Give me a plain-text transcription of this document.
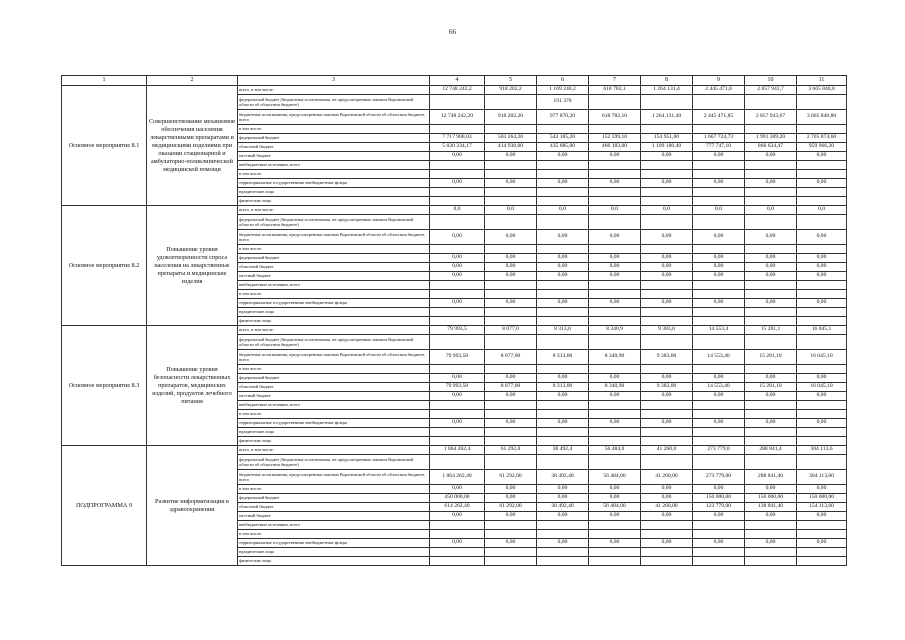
66
1	2	3	4	5	6	7	8	9	10	11
Основное мероприятие 8.1	Совершенствование механизмов обеспечения населения лекарственными препаратами и медицинскими изделиями при оказании стационарной и амбулаторно-поликлинической медицинской помощи	всего, в том числе:	12 748 242,2	918 202,2	1 169 240,2	618 782,1	1 264 131,4	2 445 471,8	2 857 943,7	3 665 840,8
		федеральный бюджет (бюджетные ассигнования, не предусмотренные законом Воронежской области об областном бюджете)			191 370					
		бюджетные ассигнования, предусмотренные законом Воронежской области об областном бюджете, всего	12 748 242,20	918 202,20	977 870,20	618 782,10	1 264 131,40	2 445 471,85	2 857 943,67	3 665 840,80
		в том числе:								
		федеральный бюджет	7 717 908,03	503 264,20	542 185,20	152 599,10	154 951,00	1 667 724,73	1 991 309,20	2 705 874,60
		областной бюджет	5 030 334,17	414 938,00	435 685,00	466 183,00	1 109 180,40	777 747,10	866 634,47	959 966,20
		местный бюджет	0,00	0,00	0,00	0,00	0,00	0,00	0,00	0,00
		внебюджетные источники, всего								
		в том числе:								
		территориальные государственные внебюджетные фонды	0,00	0,00	0,00	0,00	0,00	0,00	0,00	0,00
		юридические лица								
		физические лица								
Основное мероприятие 8.2	Повышение уровня удовлетворенности спроса населения на лекарственные препараты и медицинские изделия	всего, в том числе:	0,0	0,0	0,0	0,0	0,0	0,0	0,0	0,0
		федеральный бюджет (бюджетные ассигнования, не предусмотренные законом Воронежской области об областном бюджете)								
		бюджетные ассигнования, предусмотренные законом Воронежской области об областном бюджете, всего	0,00	0,00	0,00	0,00	0,00	0,00	0,00	0,00
		в том числе:								
		федеральный бюджет	0,00	0,00	0,00	0,00	0,00	0,00	0,00	0,00
		областной бюджет	0,00	0,00	0,00	0,00	0,00	0,00	0,00	0,00
		местный бюджет	0,00	0,00	0,00	0,00	0,00	0,00	0,00	0,00
		внебюджетные источники, всего								
		в том числе:								
		территориальные государственные внебюджетные фонды	0,00	0,00	0,00	0,00	0,00	0,00	0,00	0,00
		юридические лица								
		физические лица								
Основное мероприятие 8.3	Повышение уровня безопасности лекарственных препаратов, медицинских изделий, продуктов лечебного питания	всего, в том числе:	79 993,5	8 077,0	8 313,0	8 340,9	9 383,0	14 553,4	15 281,1	16 045,1
		федеральный бюджет (бюджетные ассигнования, не предусмотренные законом Воронежской области об областном бюджете)								
		бюджетные ассигнования, предусмотренные законом Воронежской области об областном бюджете, всего	79 993,50	8 077,00	8 313,00	8 340,90	9 383,00	14 553,40	15 281,10	16 045,10
		в том числе:								
		федеральный бюджет	0,00	0,00	0,00	0,00	0,00	0,00	0,00	0,00
		областной бюджет	79 993,50	8 077,00	8 313,00	8 340,90	9 383,00	14 553,40	15 281,10	16 045,10
		местный бюджет	0,00	0,00	0,00	0,00	0,00	0,00	0,00	0,00
		внебюджетные источники, всего								
		в том числе:								
		территориальные государственные внебюджетные фонды	0,00	0,00	0,00	0,00	0,00	0,00	0,00	0,00
		юридические лица								
		физические лица								
ПОДПРОГРАММА 9	Развитие информатизации в здравоохранении	всего, в том числе:	1 064 262,4	61 292,0	38 492,4	56 484,0	41 260,0	273 779,0	288 841,4	304 113,6
		федеральный бюджет (бюджетные ассигнования, не предусмотренные законом Воронежской области об областном бюджете)								
		бюджетные ассигнования, предусмотренные законом Воронежской области об областном бюджете, всего	1 064 262,40	61 292,00	38 492,40	56 484,00	41 260,00	273 779,00	288 841,40	304 113,60
		в том числе:	0,00	0,00	0,00	0,00	0,00	0,00	0,00	0,00
		федеральный бюджет	450 000,00	0,00	0,00	0,00	0,00	150 000,00	150 000,00	150 000,00
		областной бюджет	614 262,40	61 292,00	38 492,40	56 484,00	41 260,00	123 779,00	138 841,40	154 113,60
		местный бюджет	0,00	0,00	0,00	0,00	0,00	0,00	0,00	0,00
		внебюджетные источники, всего								
		в том числе:								
		территориальные государственные внебюджетные фонды	0,00	0,00	0,00	0,00	0,00	0,00	0,00	0,00
		юридические лица								
		физические лица								
